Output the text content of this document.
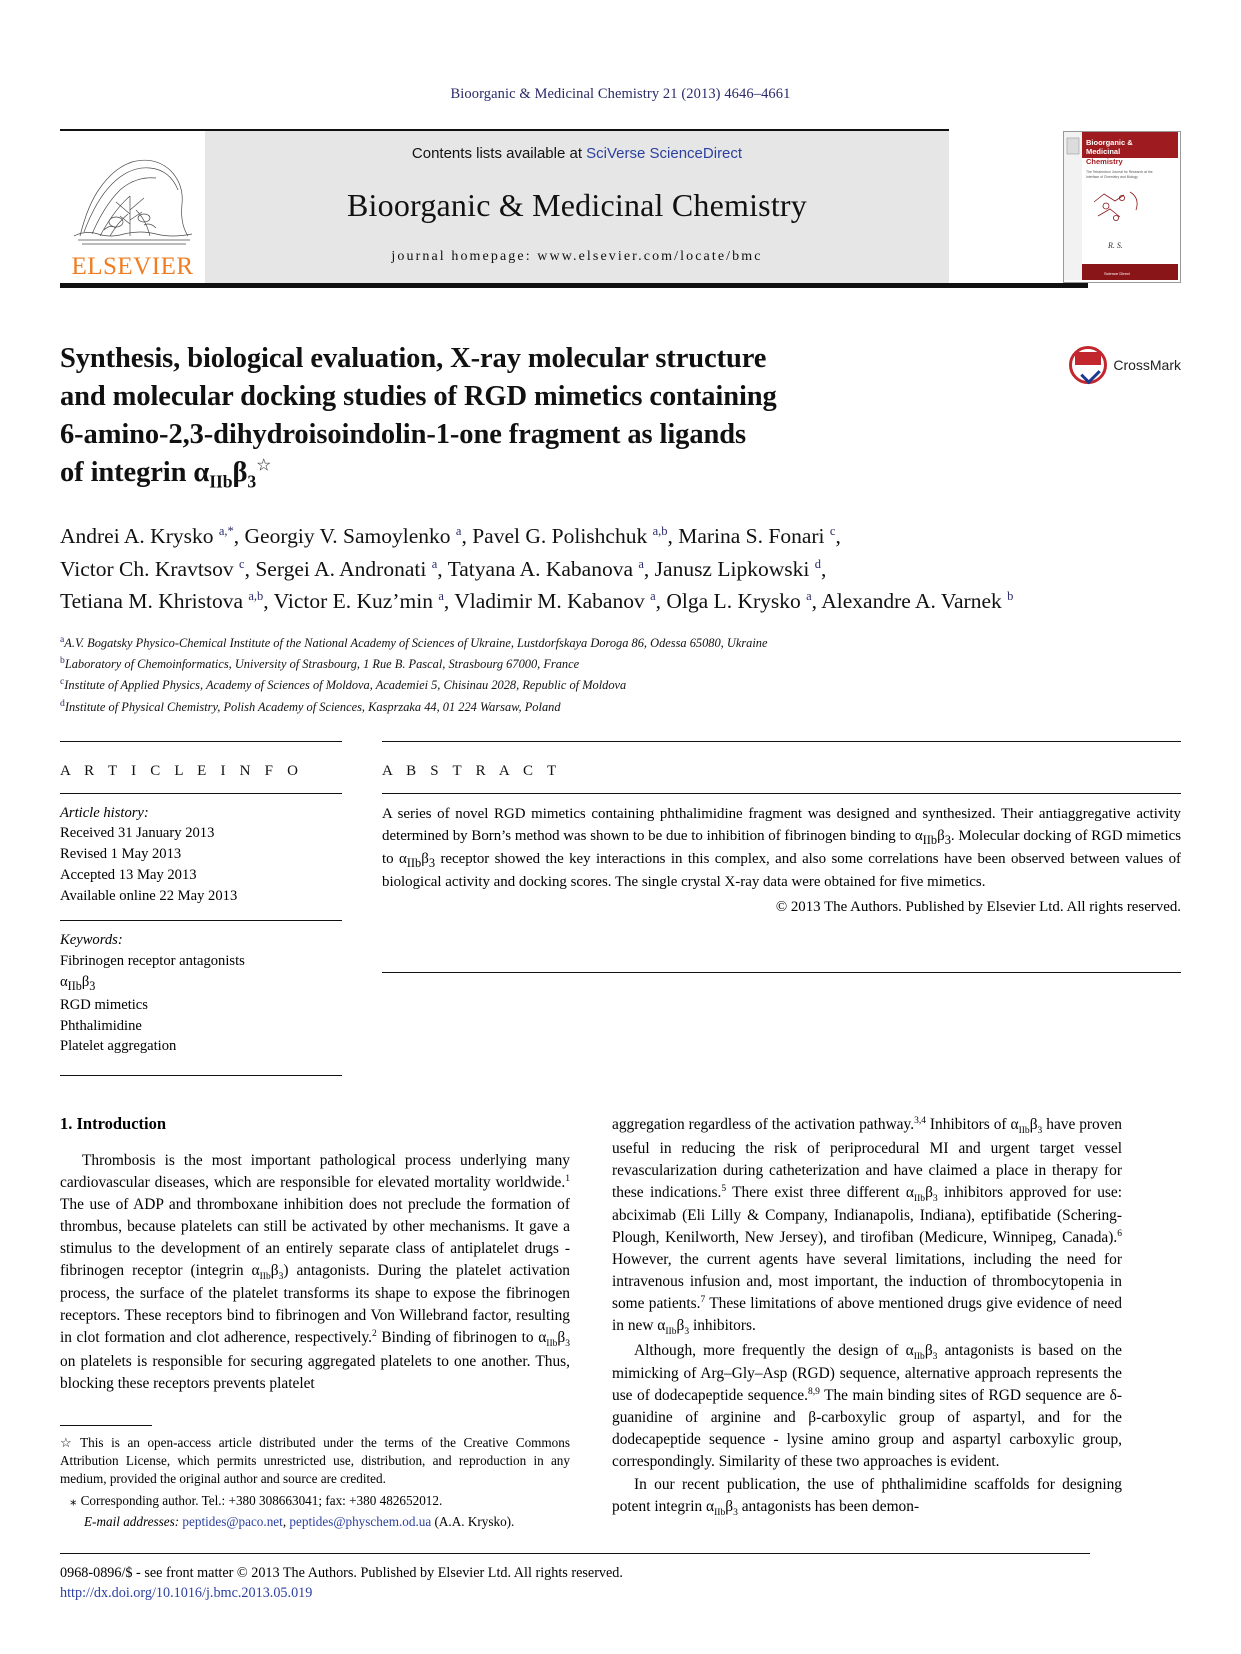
Bioorganic & Medicinal Chemistry 21 (2013) 4646–4661
ELSEVIER
Contents lists available at SciVerse ScienceDirect
Bioorganic & Medicinal Chemistry
journal homepage: www.elsevier.com/locate/bmc
Bioorganic &
Medicinal
Chemistry
The Tetrahedron Journal for Research at the
Interface of Chemistry and Biology
R. S.
Science Direct
CrossMark
Synthesis, biological evaluation, X-ray molecular structure
and molecular docking studies of RGD mimetics containing
6-amino-2,3-dihydroisoindolin-1-one fragment as ligands
of integrin $\alpha_{IIb}\beta_3^☆$
Andrei A. Krysko $^{a,*}$, Georgiy V. Samoylenko $^a$, Pavel G. Polishchuk $^{a,b}$, Marina S. Fonari $^c$,
Victor Ch. Kravtsov $^c$, Sergei A. Andronati $^a$, Tatyana A. Kabanova $^a$, Janusz Lipkowski $^d$,
Tetiana M. Khristova $^{a,b}$, Victor E. Kuz’min $^a$, Vladimir M. Kabanov $^a$, Olga L. Krysko $^a$, Alexandre A. Varnek $^b$
$^a$A.V. Bogatsky Physico-Chemical Institute of the National Academy of Sciences of Ukraine, Lustdorfskaya Doroga 86, Odessa 65080, Ukraine
$^b$Laboratory of Chemoinformatics, University of Strasbourg, 1 Rue B. Pascal, Strasbourg 67000, France
$^c$Institute of Applied Physics, Academy of Sciences of Moldova, Academiei 5, Chisinau 2028, Republic of Moldova
$^d$Institute of Physical Chemistry, Polish Academy of Sciences, Kasprzaka 44, 01 224 Warsaw, Poland
A R T I C L E I N F O
Article history:
Received 31 January 2013
Revised 1 May 2013
Accepted 13 May 2013
Available online 22 May 2013
Keywords:
Fibrinogen receptor antagonists
$\alpha_{IIb}\beta_3$
RGD mimetics
Phthalimidine
Platelet aggregation
A B S T R A C T
A series of novel RGD mimetics containing phthalimidine fragment was designed and synthesized. Their antiaggregative activity determined by Born’s method was shown to be due to inhibition of fibrinogen binding to $\alpha_{IIb}\beta_3$. Molecular docking of RGD mimetics to $\alpha_{IIb}\beta_3$ receptor showed the key interactions in this complex, and also some correlations have been observed between values of biological activity and docking scores. The single crystal X-ray data were obtained for five mimetics.
© 2013 The Authors. Published by Elsevier Ltd. All rights reserved.
1. Introduction

Thrombosis is the most important pathological process underlying many cardiovascular diseases, which are responsible for elevated mortality worldwide.$^1$ The use of ADP and thromboxane inhibition does not preclude the formation of thrombus, because platelets can still be activated by other mechanisms. It gave a stimulus to the development of an entirely separate class of antiplatelet drugs - fibrinogen receptor (integrin $\alpha_{IIb}\beta_3$) antagonists. During the platelet activation process, the surface of the platelet transforms its shape to expose the fibrinogen receptors. These receptors bind to fibrinogen and Von Willebrand factor, resulting in clot formation and clot adherence, respectively.$^2$ Binding of fibrinogen to $\alpha_{IIb}\beta_3$ on platelets is responsible for securing aggregated platelets to one another. Thus, blocking these receptors prevents platelet

☆ This is an open-access article distributed under the terms of the Creative Commons Attribution License, which permits unrestricted use, distribution, and reproduction in any medium, provided the original author and source are credited.
⁎ Corresponding author. Tel.: +380 308663041; fax: +380 482652012.
E-mail addresses: peptides@paco.net, peptides@physchem.od.ua (A.A. Krysko).

aggregation regardless of the activation pathway.$^{3,4}$ Inhibitors of $\alpha_{IIb}\beta_3$ have proven useful in reducing the risk of periprocedural MI and urgent target vessel revascularization during catheterization and have claimed a place in therapy for these indications.$^5$ There exist three different $\alpha_{IIb}\beta_3$ inhibitors approved for use: abciximab (Eli Lilly & Company, Indianapolis, Indiana), eptifibatide (Schering-Plough, Kenilworth, New Jersey), and tirofiban (Medicure, Winnipeg, Canada).$^6$ However, the current agents have several limitations, including the need for intravenous infusion and, most important, the induction of thrombocytopenia in some patients.$^7$ These limitations of above mentioned drugs give evidence of need in new $\alpha_{IIb}\beta_3$ inhibitors.

Although, more frequently the design of $\alpha_{IIb}\beta_3$ antagonists is based on the mimicking of Arg–Gly–Asp (RGD) sequence, alternative approach represents the use of dodecapeptide sequence.$^{8,9}$ The main binding sites of RGD sequence are δ-guanidine of arginine and β-carboxylic group of aspartyl, and for the dodecapeptide sequence - lysine amino group and aspartyl carboxylic group, correspondingly. Similarity of these two approaches is evident.

In our recent publication, the use of phthalimidine scaffolds for designing potent integrin $\alpha_{IIb}\beta_3$ antagonists has been demon-

0968-0896/$ - see front matter © 2013 The Authors. Published by Elsevier Ltd. All rights reserved.
http://dx.doi.org/10.1016/j.bmc.2013.05.019
